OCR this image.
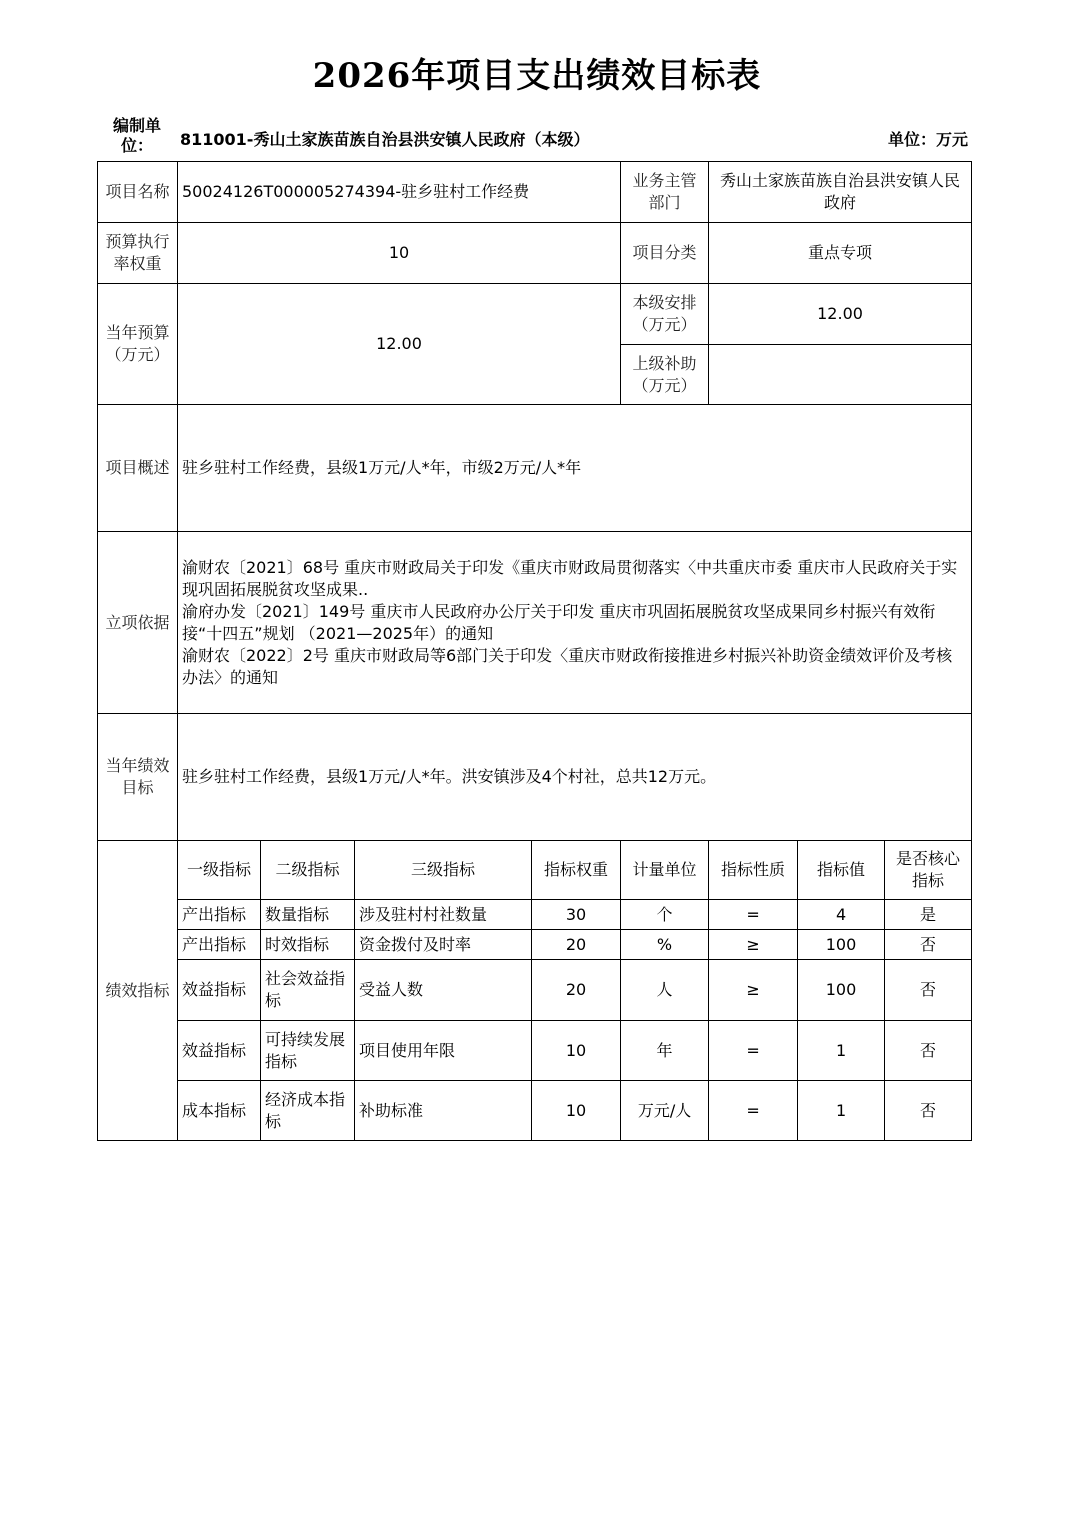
2026年项目支出绩效目标表
编制单位：	811001-秀山土家族苗族自治县洪安镇人民政府（本级）	单位：万元
项目名称	50024126T000005274394-驻乡驻村工作经费				业务主管部门	秀山土家族苗族自治县洪安镇人民政府		
预算执行率权重	10				项目分类	重点专项		
当年预算（万元）	12.00				本级安排（万元）	12.00		
					上级补助（万元）			
项目概述	驻乡驻村工作经费，县级1万元/人*年，市级2万元/人*年							
立项依据	渝财农〔2021〕68号 重庆市财政局关于印发《重庆市财政局贯彻落实〈中共重庆市委 重庆市人民政府关于实现巩固拓展脱贫攻坚成果..
渝府办发〔2021〕149号 重庆市人民政府办公厅关于印发 重庆市巩固拓展脱贫攻坚成果同乡村振兴有效衔接“十四五”规划 （2021—2025年）的通知
渝财农〔2022〕2号 重庆市财政局等6部门关于印发〈重庆市财政衔接推进乡村振兴补助资金绩效评价及考核办法〉的通知							

当年绩效目标	驻乡驻村工作经费，县级1万元/人*年。洪安镇涉及4个村社，总共12万元。							
绩效指标	一级指标	二级指标	三级指标	指标权重	计量单位	指标性质	指标值	是否核心指标
	产出指标	数量指标	涉及驻村村社数量	30	个	=	4	是
	产出指标	时效指标	资金拨付及时率	20	%	≥	100	否
	效益指标	社会效益指标	受益人数	20	人	≥	100	否
	效益指标	可持续发展指标	项目使用年限	10	年	=	1	否
	成本指标	经济成本指标	补助标准	10	万元/人	=	1	否
